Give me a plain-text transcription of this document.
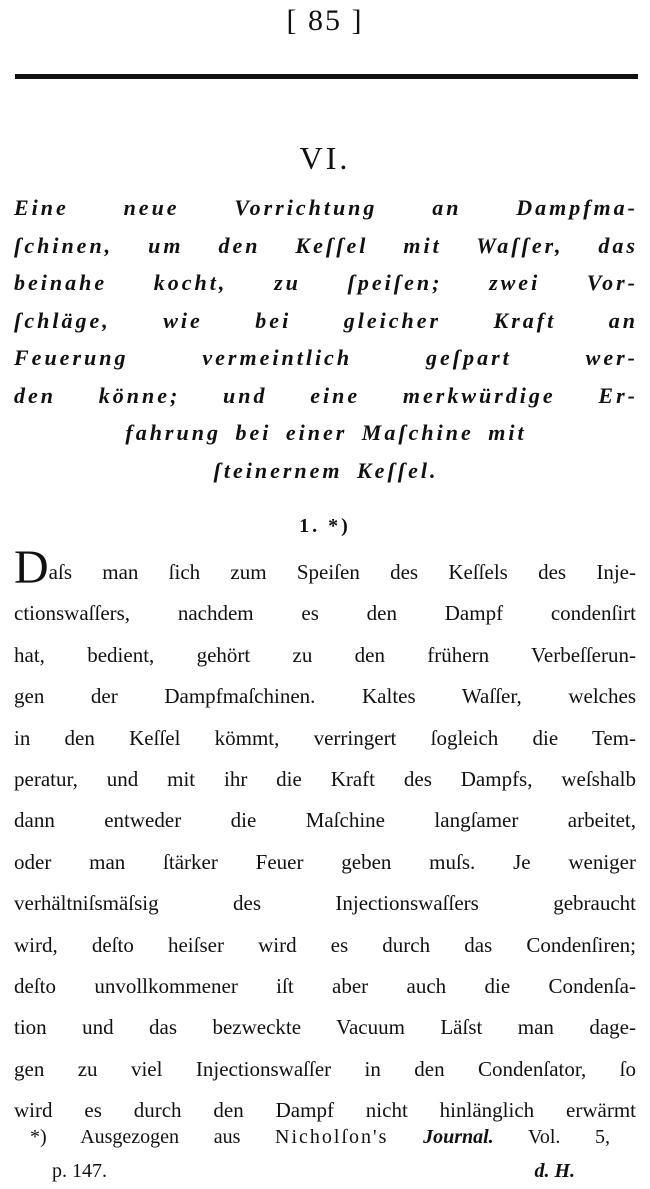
[ 85 ]
VI.
Eine neue Vorrichtung an Dampfma-
ſchinen, um den Keſſel mit Waſſer, das
beinahe kocht, zu ſpeiſen; zwei Vor-
ſchläge, wie bei gleicher Kraft an
Feuerung vermeintlich geſpart wer-
den könne; und eine merkwürdige Er-
fahrung bei einer Maſchine mit
ſteinernem Keſſel.
1. *)
Daſs man ſich zum Speiſen des Keſſels des Inje-
ctionswaſſers, nachdem es den Dampf condenſirt
hat, bedient, gehört zu den frühern Verbeſſerun-
gen der Dampfmaſchinen. Kaltes Waſſer, welches
in den Keſſel kömmt, verringert ſogleich die Tem-
peratur, und mit ihr die Kraft des Dampfs, weſshalb
dann entweder die Maſchine langſamer arbeitet,
oder man ſtärker Feuer geben muſs. Je weniger
verhältniſsmäſsig des Injectionswaſſers gebraucht
wird, deſto heiſser wird es durch das Condenſiren;
deſto unvollkommener iſt aber auch die Condenſa-
tion und das bezweckte Vacuum Läſst man dage-
gen zu viel Injectionswaſſer in den Condenſator, ſo
wird es durch den Dampf nicht hinlänglich erwärmt
*) Ausgezogen aus Nicholſon's Journal. Vol. 5,
p. 147.	d. H.
